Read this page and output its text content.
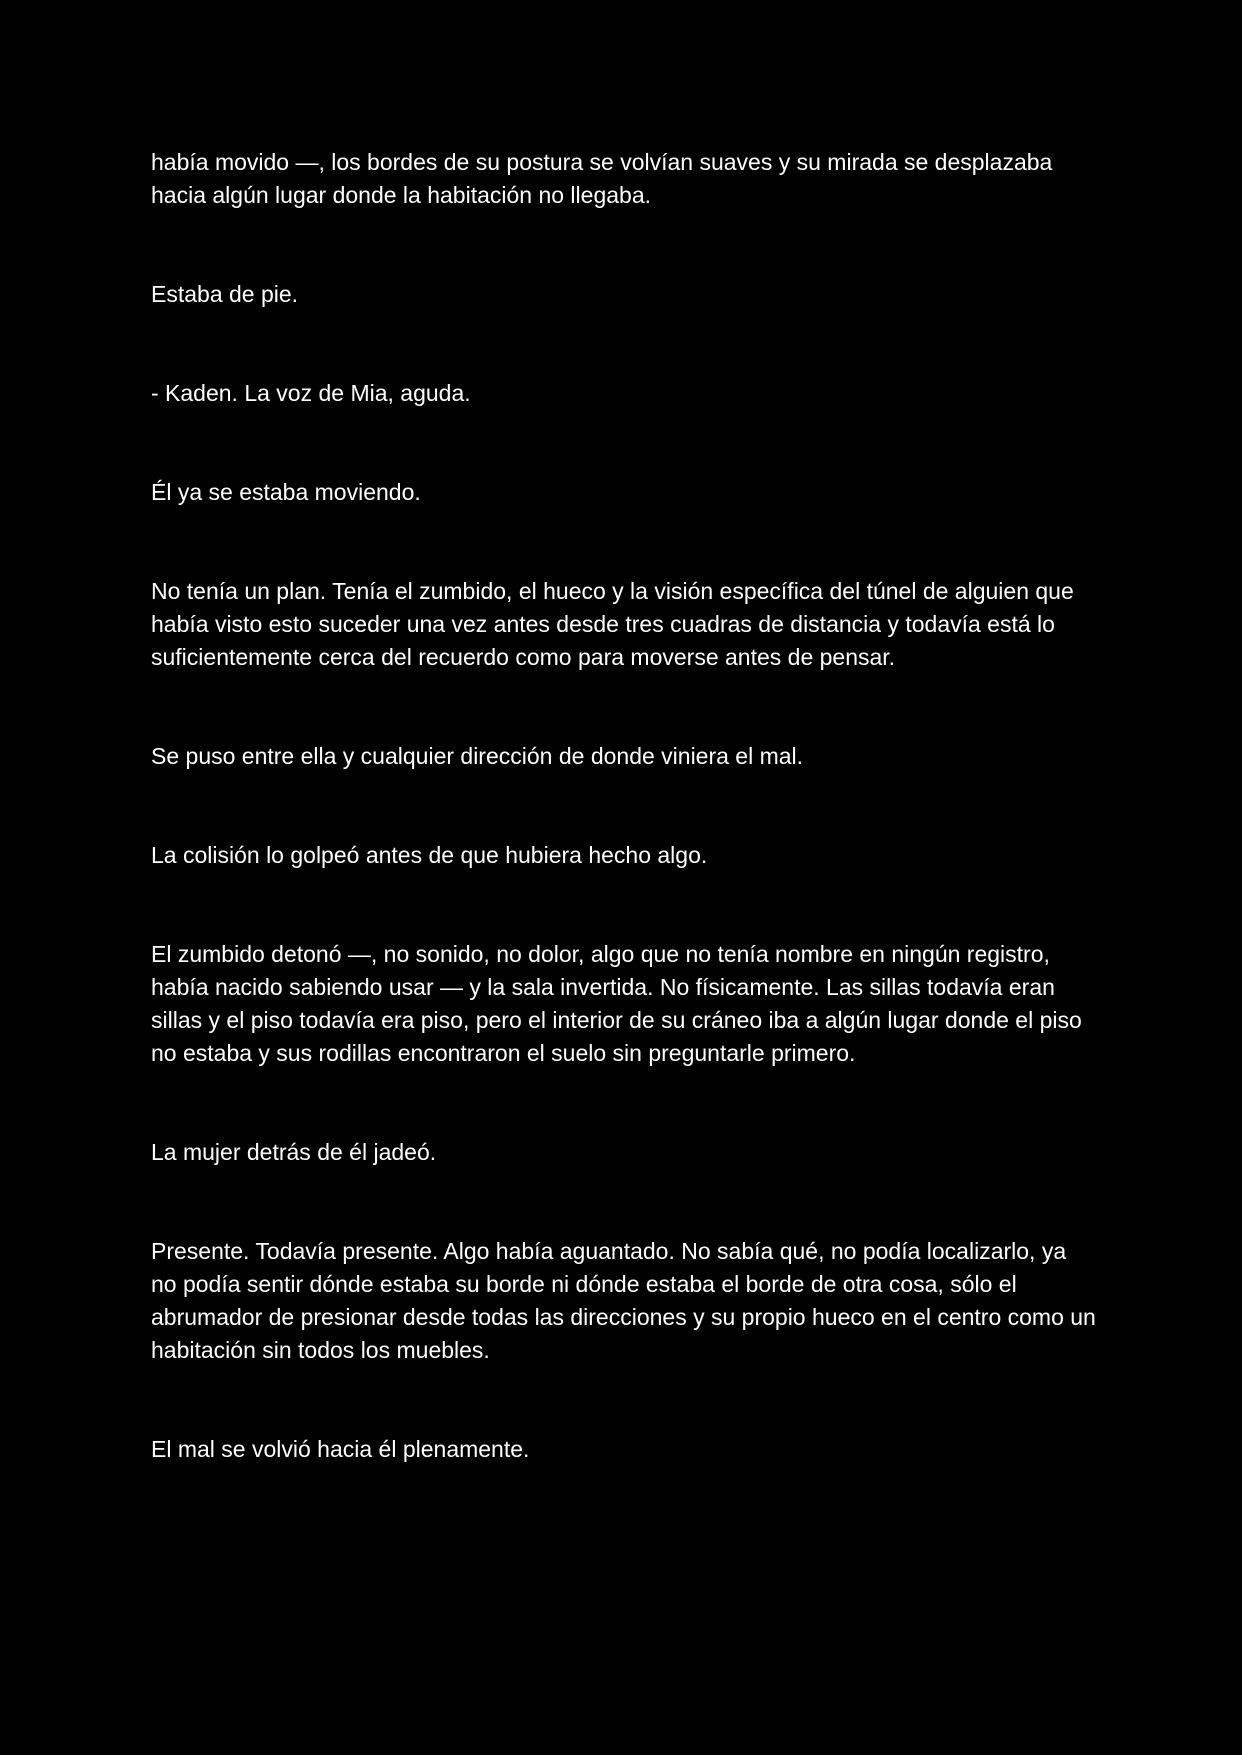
había movido —, los bordes de su postura se volvían suaves y su mirada se desplazaba hacia algún lugar donde la habitación no llegaba.

Estaba de pie.

- Kaden. La voz de Mia, aguda.

Él ya se estaba moviendo.

No tenía un plan. Tenía el zumbido, el hueco y la visión específica del túnel de alguien que había visto esto suceder una vez antes desde tres cuadras de distancia y todavía está lo suficientemente cerca del recuerdo como para moverse antes de pensar.

Se puso entre ella y cualquier dirección de donde viniera el mal.

La colisión lo golpeó antes de que hubiera hecho algo.

El zumbido detonó —, no sonido, no dolor, algo que no tenía nombre en ningún registro, había nacido sabiendo usar — y la sala invertida. No físicamente. Las sillas todavía eran sillas y el piso todavía era piso, pero el interior de su cráneo iba a algún lugar donde el piso no estaba y sus rodillas encontraron el suelo sin preguntarle primero.

La mujer detrás de él jadeó.

Presente. Todavía presente. Algo había aguantado. No sabía qué, no podía localizarlo, ya no podía sentir dónde estaba su borde ni dónde estaba el borde de otra cosa, sólo el abrumador de presionar desde todas las direcciones y su propio hueco en el centro como un habitación sin todos los muebles.

El mal se volvió hacia él plenamente.
